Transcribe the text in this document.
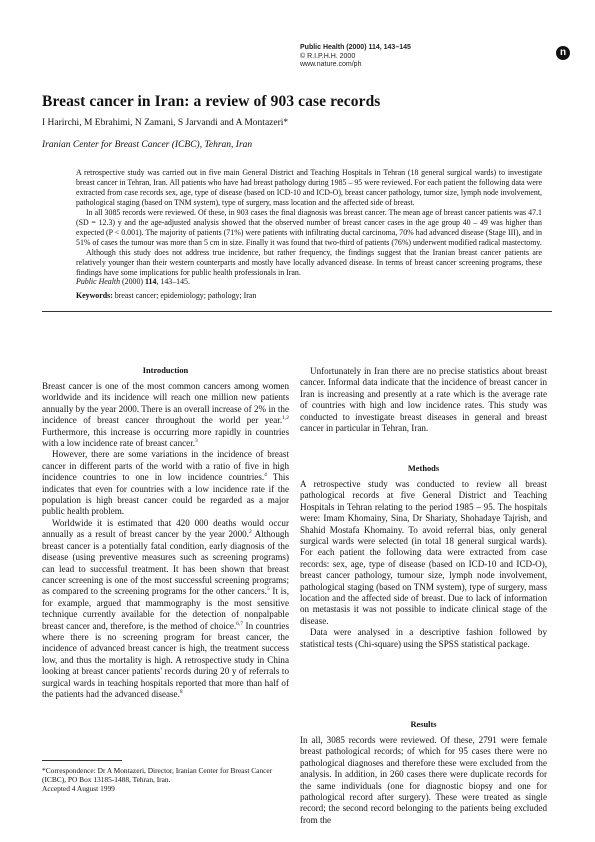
Public Health (2000) 114, 143–145
© R.I.P.H.H. 2000
www.nature.com/ph
n
Breast cancer in Iran: a review of 903 case records
I Harirchi, M Ebrahimi, N Zamani, S Jarvandi and A Montazeri*
Iranian Center for Breast Cancer (ICBC), Tehran, Iran

A retrospective study was carried out in five main General District and Teaching Hospitals in Tehran (18 general surgical wards) to investigate breast cancer in Tehran, Iran. All patients who have had breast pathology during 1985 – 95 were reviewed. For each patient the following data were extracted from case records sex, age, type of disease (based on ICD-10 and ICD-O), breast cancer pathology, tumor size, lymph node involvement, pathological staging (based on TNM system), type of surgery, mass location and the affected side of breast.

In all 3085 records were reviewed. Of these, in 903 cases the final diagnosis was breast cancer. The mean age of breast cancer patients was 47.1 (SD = 12.3) y and the age-adjusted analysis showed that the observed number of breast cancer cases in the age group 40 – 49 was higher than expected (P < 0.001). The majority of patients (71%) were patients with infiltrating ductal carcinoma, 70% had advanced disease (Stage III), and in 51% of cases the tumour was more than 5 cm in size. Finally it was found that two-third of patients (76%) underwent modified radical mastectomy.

Although this study does not address true incidence, but rather frequency, the findings suggest that the Iranian breast cancer patients are relatively younger than their western counterparts and mostly have locally advanced disease. In terms of breast cancer screening programs, these findings have some implications for public health professionals in Iran.
Public Health (2000) 114, 143–145.

Keywords: breast cancer; epidemiology; pathology; Iran
Introduction

Breast cancer is one of the most common cancers among women worldwide and its incidence will reach one million new patients annually by the year 2000. There is an overall increase of 2% in the incidence of breast cancer throughout the world per year.$^{1,2}$ Furthermore, this increase is occurring more rapidly in countries with a low incidence rate of breast cancer.$^3$

However, there are some variations in the incidence of breast cancer in different parts of the world with a ratio of five in high incidence countries to one in low incidence countries.$^4$ This indicates that even for countries with a low incidence rate if the population is high breast cancer could be regarded as a major public health problem.

Worldwide it is estimated that 420 000 deaths would occur annually as a result of breast cancer by the year 2000.$^2$ Although breast cancer is a potentially fatal condition, early diagnosis of the disease (using preventive measures such as screening programs) can lead to successful treatment. It has been shown that breast cancer screening is one of the most successful screening programs; as compared to the screening programs for the other cancers.$^5$ It is, for example, argued that mammography is the most sensitive technique currently available for the detection of nonpalpable breast cancer and, therefore, is the method of choice.$^{6,7}$ In countries where there is no screening program for breast cancer, the incidence of advanced breast cancer is high, the treatment success low, and thus the mortality is high. A retrospective study in China looking at breast cancer patients' records during 20 y of referrals to surgical wards in teaching hospitals reported that more than half of the patients had the advanced disease.$^8$

*Correspondence: Dr A Montazeri, Director, Iranian Center for Breast Cancer (ICBC), PO Box 13185-1488, Tehran, Iran.
Accepted 4 August 1999

Unfortunately in Iran there are no precise statistics about breast cancer. Informal data indicate that the incidence of breast cancer in Iran is increasing and presently at a rate which is the average rate of countries with high and low incidence rates. This study was conducted to investigate breast diseases in general and breast cancer in particular in Tehran, Iran.

Methods

A retrospective study was conducted to review all breast pathological records at five General District and Teaching Hospitals in Tehran relating to the period 1985 – 95. The hospitals were: Imam Khomainy, Sina, Dr Shariaty, Shohadaye Tajrish, and Shahid Mostafa Khomainy. To avoid referral bias, only general surgical wards were selected (in total 18 general surgical wards). For each patient the following data were extracted from case records: sex, age, type of disease (based on ICD-10 and ICD-O), breast cancer pathology, tumour size, lymph node involvement, pathological staging (based on TNM system), type of surgery, mass location and the affected side of breast. Due to lack of information on metastasis it was not possible to indicate clinical stage of the disease.

Data were analysed in a descriptive fashion followed by statistical tests (Chi-square) using the SPSS statistical package.

Results

In all, 3085 records were reviewed. Of these, 2791 were female breast pathological records; of which for 95 cases there were no pathological diagnoses and therefore these were excluded from the analysis. In addition, in 260 cases there were duplicate records for the same individuals (one for diagnostic biopsy and one for pathological record after surgery). These were treated as single record; the second record belonging to the patients being excluded from the
